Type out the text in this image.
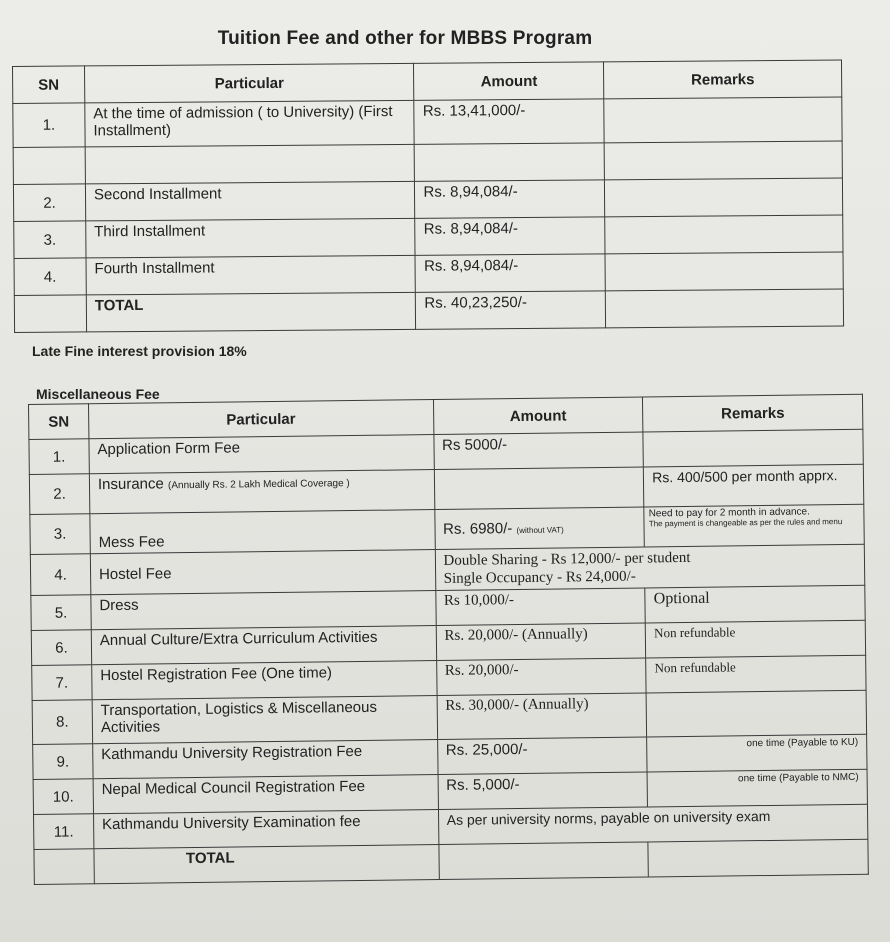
Tuition Fee and other for MBBS Program
SN	Particular	Amount	Remarks
1.	At the time of admission ( to University) (First Installment)	Rs. 13,41,000/-	

2.	Second Installment	Rs. 8,94,084/-	
3.	Third Installment	Rs. 8,94,084/-	
4.	Fourth Installment	Rs. 8,94,084/-	
	TOTAL	Rs. 40,23,250/-	
Late Fine interest provision 18%
Miscellaneous Fee
SN	Particular	Amount	Remarks
1.	Application Form Fee	Rs 5000/-	
2.	Insurance (Annually Rs. 2 Lakh Medical Coverage )		Rs. 400/500 per month apprx.
3.	Mess Fee	Rs. 6980/- (without VAT)	Need to pay for 2 month in advance.
The payment is changeable as per the rules and menu

4.	Hostel Fee	Double Sharing - Rs 12,000/- per student
Single Occupancy - Rs 24,000/-	
5.	Dress	Rs 10,000/-	Optional
6.	Annual Culture/Extra Curriculum Activities	Rs. 20,000/- (Annually)	Non refundable
7.	Hostel Registration Fee (One time)	Rs. 20,000/-	Non refundable
8.	Transportation, Logistics & Miscellaneous Activities	Rs. 30,000/- (Annually)	
9.	Kathmandu University Registration Fee	Rs. 25,000/-	one time (Payable to KU)
10.	Nepal Medical Council Registration Fee	Rs. 5,000/-	one time (Payable to NMC)
11.	Kathmandu University Examination fee	As per university norms, payable on university exam	
	TOTAL		
